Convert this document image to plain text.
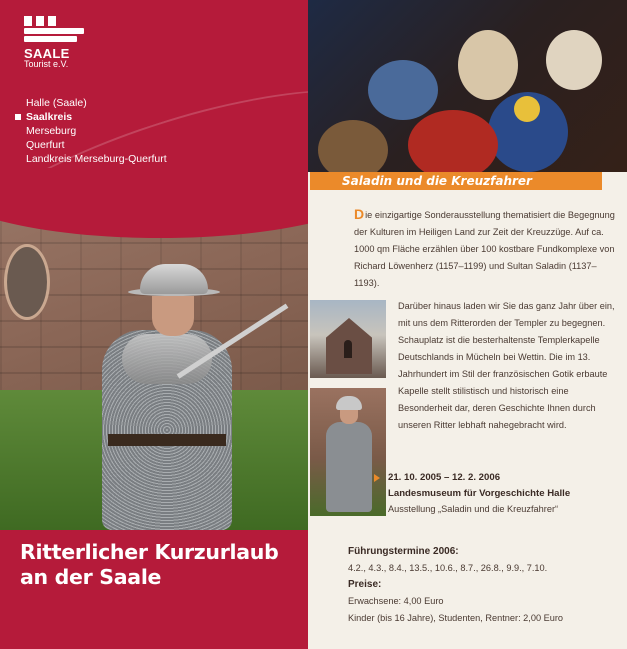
SAALE
Tourist e.V.
Halle (Saale)
Saalkreis
Merseburg
Querfurt
Landkreis Merseburg-Querfurt
Ritterlicher Kurzurlaub
an der Saale
Saladin und die Kreuzfahrer

Die einzigartige Sonderausstellung thematisiert die Begegnung der Kulturen im Heiligen Land zur Zeit der Kreuzzüge. Auf ca. 1000 qm Fläche erzählen über 100 kostbare Fundkomplexe von Richard Löwenherz (1157–1199) und Sultan Saladin (1137–1193).

Darüber hinaus laden wir Sie das ganz Jahr über ein, mit uns dem Ritterorden der Templer zu begegnen. Schauplatz ist die besterhaltenste Templerkapelle Deutschlands in Mücheln bei Wettin. Die im 13. Jahrhundert im Stil der französischen Gotik erbaute Kapelle stellt stilistisch und historisch eine Besonderheit dar, deren Geschichte Ihnen durch unseren Ritter lebhaft nahegebracht wird.

21. 10. 2005 – 12. 2. 2006

Landesmuseum für Vorgeschichte Halle

Ausstellung „Saladin und die Kreuzfahrer“

Führungstermine 2006:

4.2., 4.3., 8.4., 13.5., 10.6., 8.7., 26.8., 9.9., 7.10.

Preise:

Erwachsene: 4,00 Euro

Kinder (bis 16 Jahre), Studenten, Rentner: 2,00 Euro
